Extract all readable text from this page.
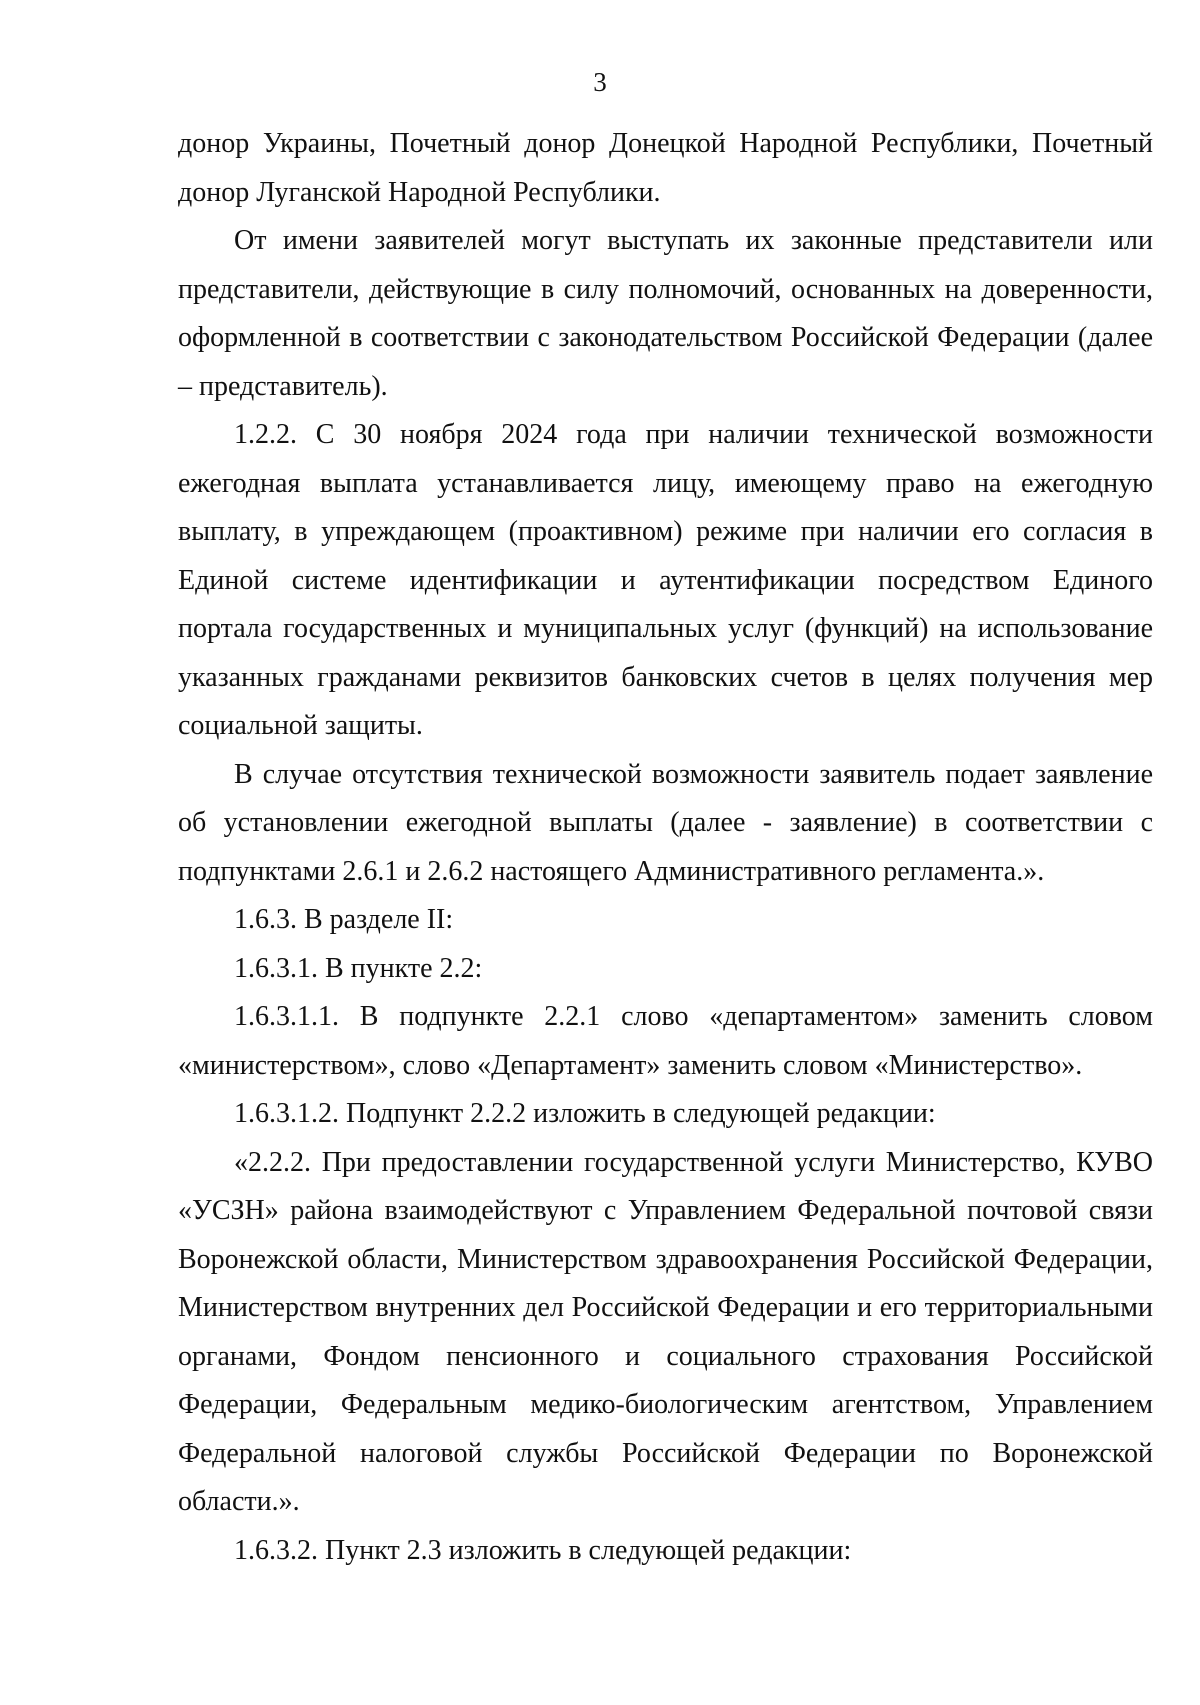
3

донор Украины, Почетный донор Донецкой Народной Республики, Почетный донор Луганской Народной Республики.

От имени заявителей могут выступать их законные представители или представители, действующие в силу полномочий, основанных на доверенности, оформленной в соответствии с законодательством Российской Федерации (далее – представитель).

1.2.2. С 30 ноября 2024 года при наличии технической возможности ежегодная выплата устанавливается лицу, имеющему право на ежегодную выплату, в упреждающем (проактивном) режиме при наличии его согласия в Единой системе идентификации и аутентификации посредством Единого портала государственных и муниципальных услуг (функций) на использование указанных гражданами реквизитов банковских счетов в целях получения мер социальной защиты.

В случае отсутствия технической возможности заявитель подает заявление об установлении ежегодной выплаты (далее - заявление) в соответствии с подпунктами 2.6.1 и 2.6.2 настоящего Административного регламента.».

1.6.3. В разделе II:

1.6.3.1. В пункте 2.2:

1.6.3.1.1. В подпункте 2.2.1 слово «департаментом» заменить словом «министерством», слово «Департамент» заменить словом «Министерство».

1.6.3.1.2. Подпункт 2.2.2 изложить в следующей редакции:

«2.2.2. При предоставлении государственной услуги Министерство, КУВО «УСЗН» района взаимодействуют с Управлением Федеральной почтовой связи Воронежской области, Министерством здравоохранения Российской Федерации, Министерством внутренних дел Российской Федерации и его территориальными органами, Фондом пенсионного и социального страхования Российской Федерации, Федеральным медико-биологическим агентством, Управлением Федеральной налоговой службы Российской Федерации по Воронежской области.».

1.6.3.2. Пункт 2.3 изложить в следующей редакции:
